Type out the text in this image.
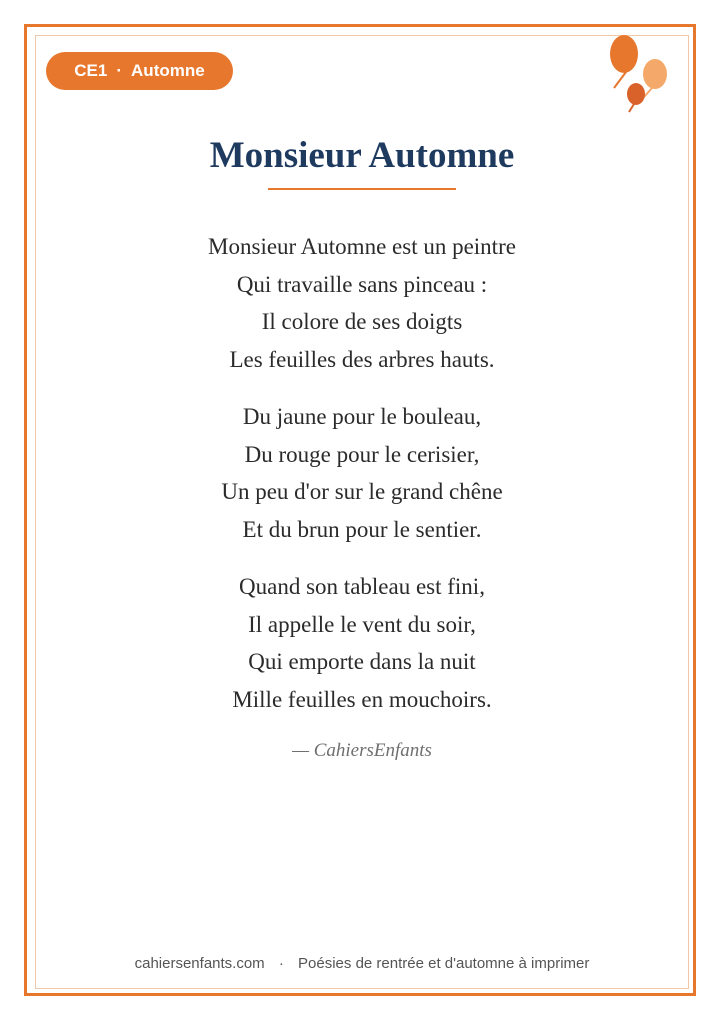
CE1 · Automne
Monsieur Automne
Monsieur Automne est un peintre
Qui travaille sans pinceau :
Il colore de ses doigts
Les feuilles des arbres hauts.
Du jaune pour le bouleau,
Du rouge pour le cerisier,
Un peu d'or sur le grand chêne
Et du brun pour le sentier.
Quand son tableau est fini,
Il appelle le vent du soir,
Qui emporte dans la nuit
Mille feuilles en mouchoirs.
— CahiersEnfants
cahiersenfants.com · Poésies de rentrée et d'automne à imprimer
